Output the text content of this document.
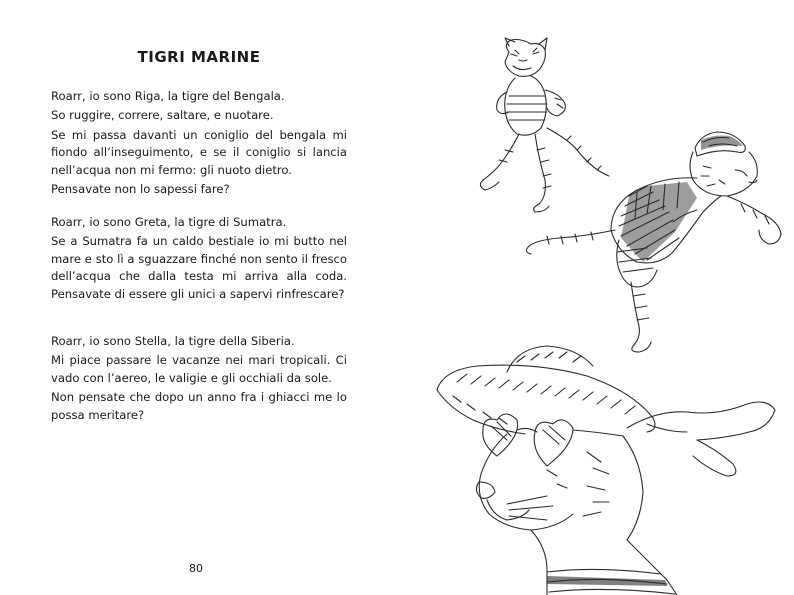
TIGRI MARINE

Roarr, io sono Riga, la tigre del Bengala.

So ruggire, correre, saltare, e nuotare.

Se mi passa davanti un coniglio del bengala mi fiondo all’inseguimento, e se il coniglio si lancia nell’acqua non mi fermo: gli nuoto dietro.

Pensavate non lo sapessi fare?

Roarr, io sono Greta, la tigre di Sumatra.

Se a Sumatra fa un caldo bestiale io mi butto nel mare e sto lì a sguazzare finché non sento il fresco dell’acqua che dalla testa mi arriva alla coda. Pensavate di essere gli unici a sapervi rinfrescare?

Roarr, io sono Stella, la tigre della Siberia.

Mi piace passare le vacanze nei mari tropicali. Ci vado con l’aereo, le valigie e gli occhiali da sole.

Non pensate che dopo un anno fra i ghiacci me lo possa meritare?

80
